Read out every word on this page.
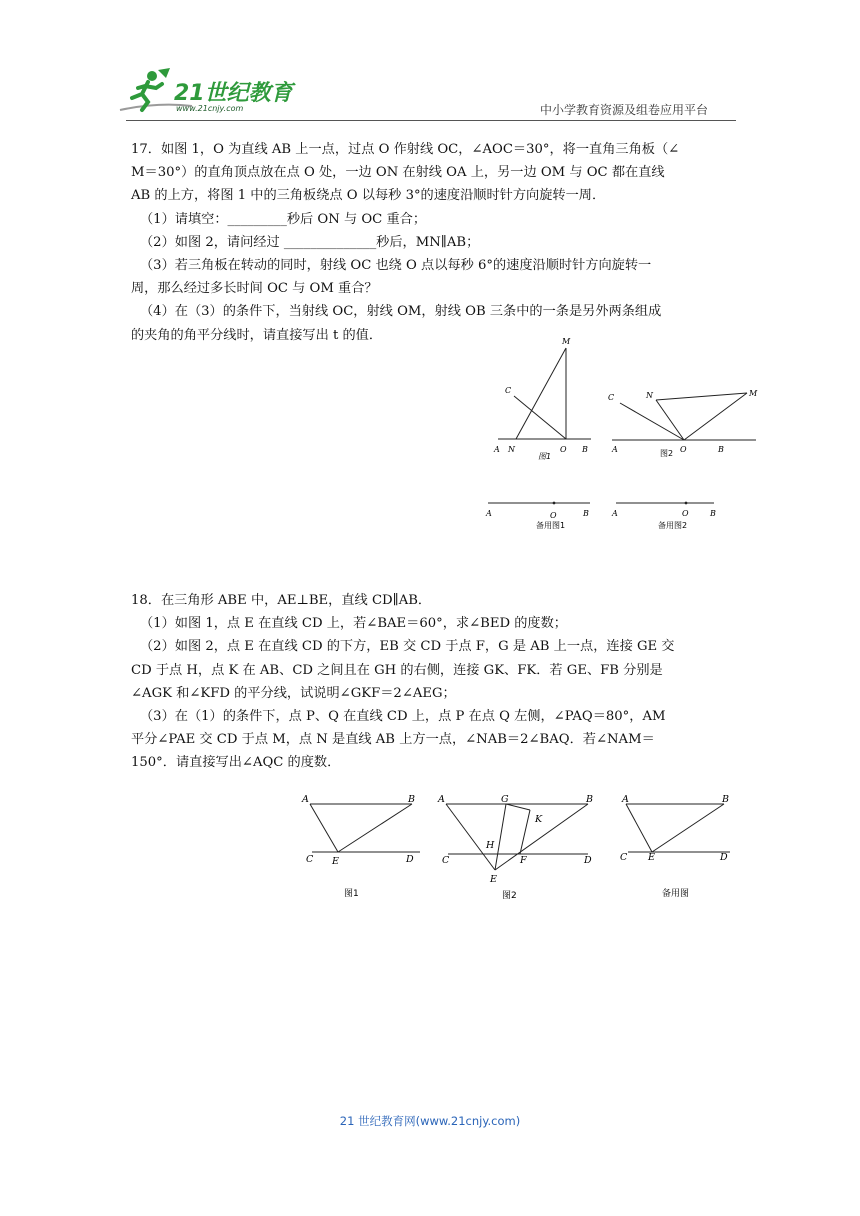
21世纪教育
www.21cnjy.com	中小学教育资源及组卷应用平台
17．如图 1，O 为直线 AB 上一点，过点 O 作射线 OC，∠AOC＝30°，将一直角三角板（∠
M＝30°）的直角顶点放在点 O 处，一边 ON 在射线 OA 上，另一边 OM 与 OC 都在直线
AB 的上方，将图 1 中的三角板绕点 O 以每秒 3°的速度沿顺时针方向旋转一周．
（1）请填空：_________秒后 ON 与 OC 重合；
（2）如图 2，请问经过 ______________秒后，MN∥AB；
（3）若三角板在转动的同时，射线 OC 也绕 O 点以每秒 6°的速度沿顺时针方向旋转一
周，那么经过多长时间 OC 与 OM 重合？
（4）在（3）的条件下，当射线 OC，射线 OM，射线 OB 三条中的一条是另外两条组成
的夹角的角平分线时，请直接写出 t 的值．	M
C
A N	O B
图1
C	N	M
A	O	B
图2
A	O	B
备用图1
A	O	B
备用图2
18．在三角形 ABE 中，AE⊥BE，直线 CD∥AB．
（1）如图 1，点 E 在直线 CD 上，若∠BAE＝60°，求∠BED 的度数；
（2）如图 2，点 E 在直线 CD 的下方，EB 交 CD 于点 F，G 是 AB 上一点，连接 GE 交
CD 于点 H，点 K 在 AB、CD 之间且在 GH 的右侧，连接 GK、FK．若 GE、FB 分别是
∠AGK 和∠KFD 的平分线，试说明∠GKF＝2∠AEG；
（3）在（1）的条件下，点 P、Q 在直线 CD 上，点 P 在点 Q 左侧，∠PAQ＝80°，AM
平分∠PAE 交 CD 于点 M，点 N 是直线 AB 上方一点，∠NAB＝2∠BAQ．若∠NAM＝
150°．请直接写出∠AQC 的度数．
A	B
C E	D
图1
A	G	B
K
H
C	F	D
E
图2
A	B
C E	D
备用图
21 世纪教育网(www.21cnjy.com)
